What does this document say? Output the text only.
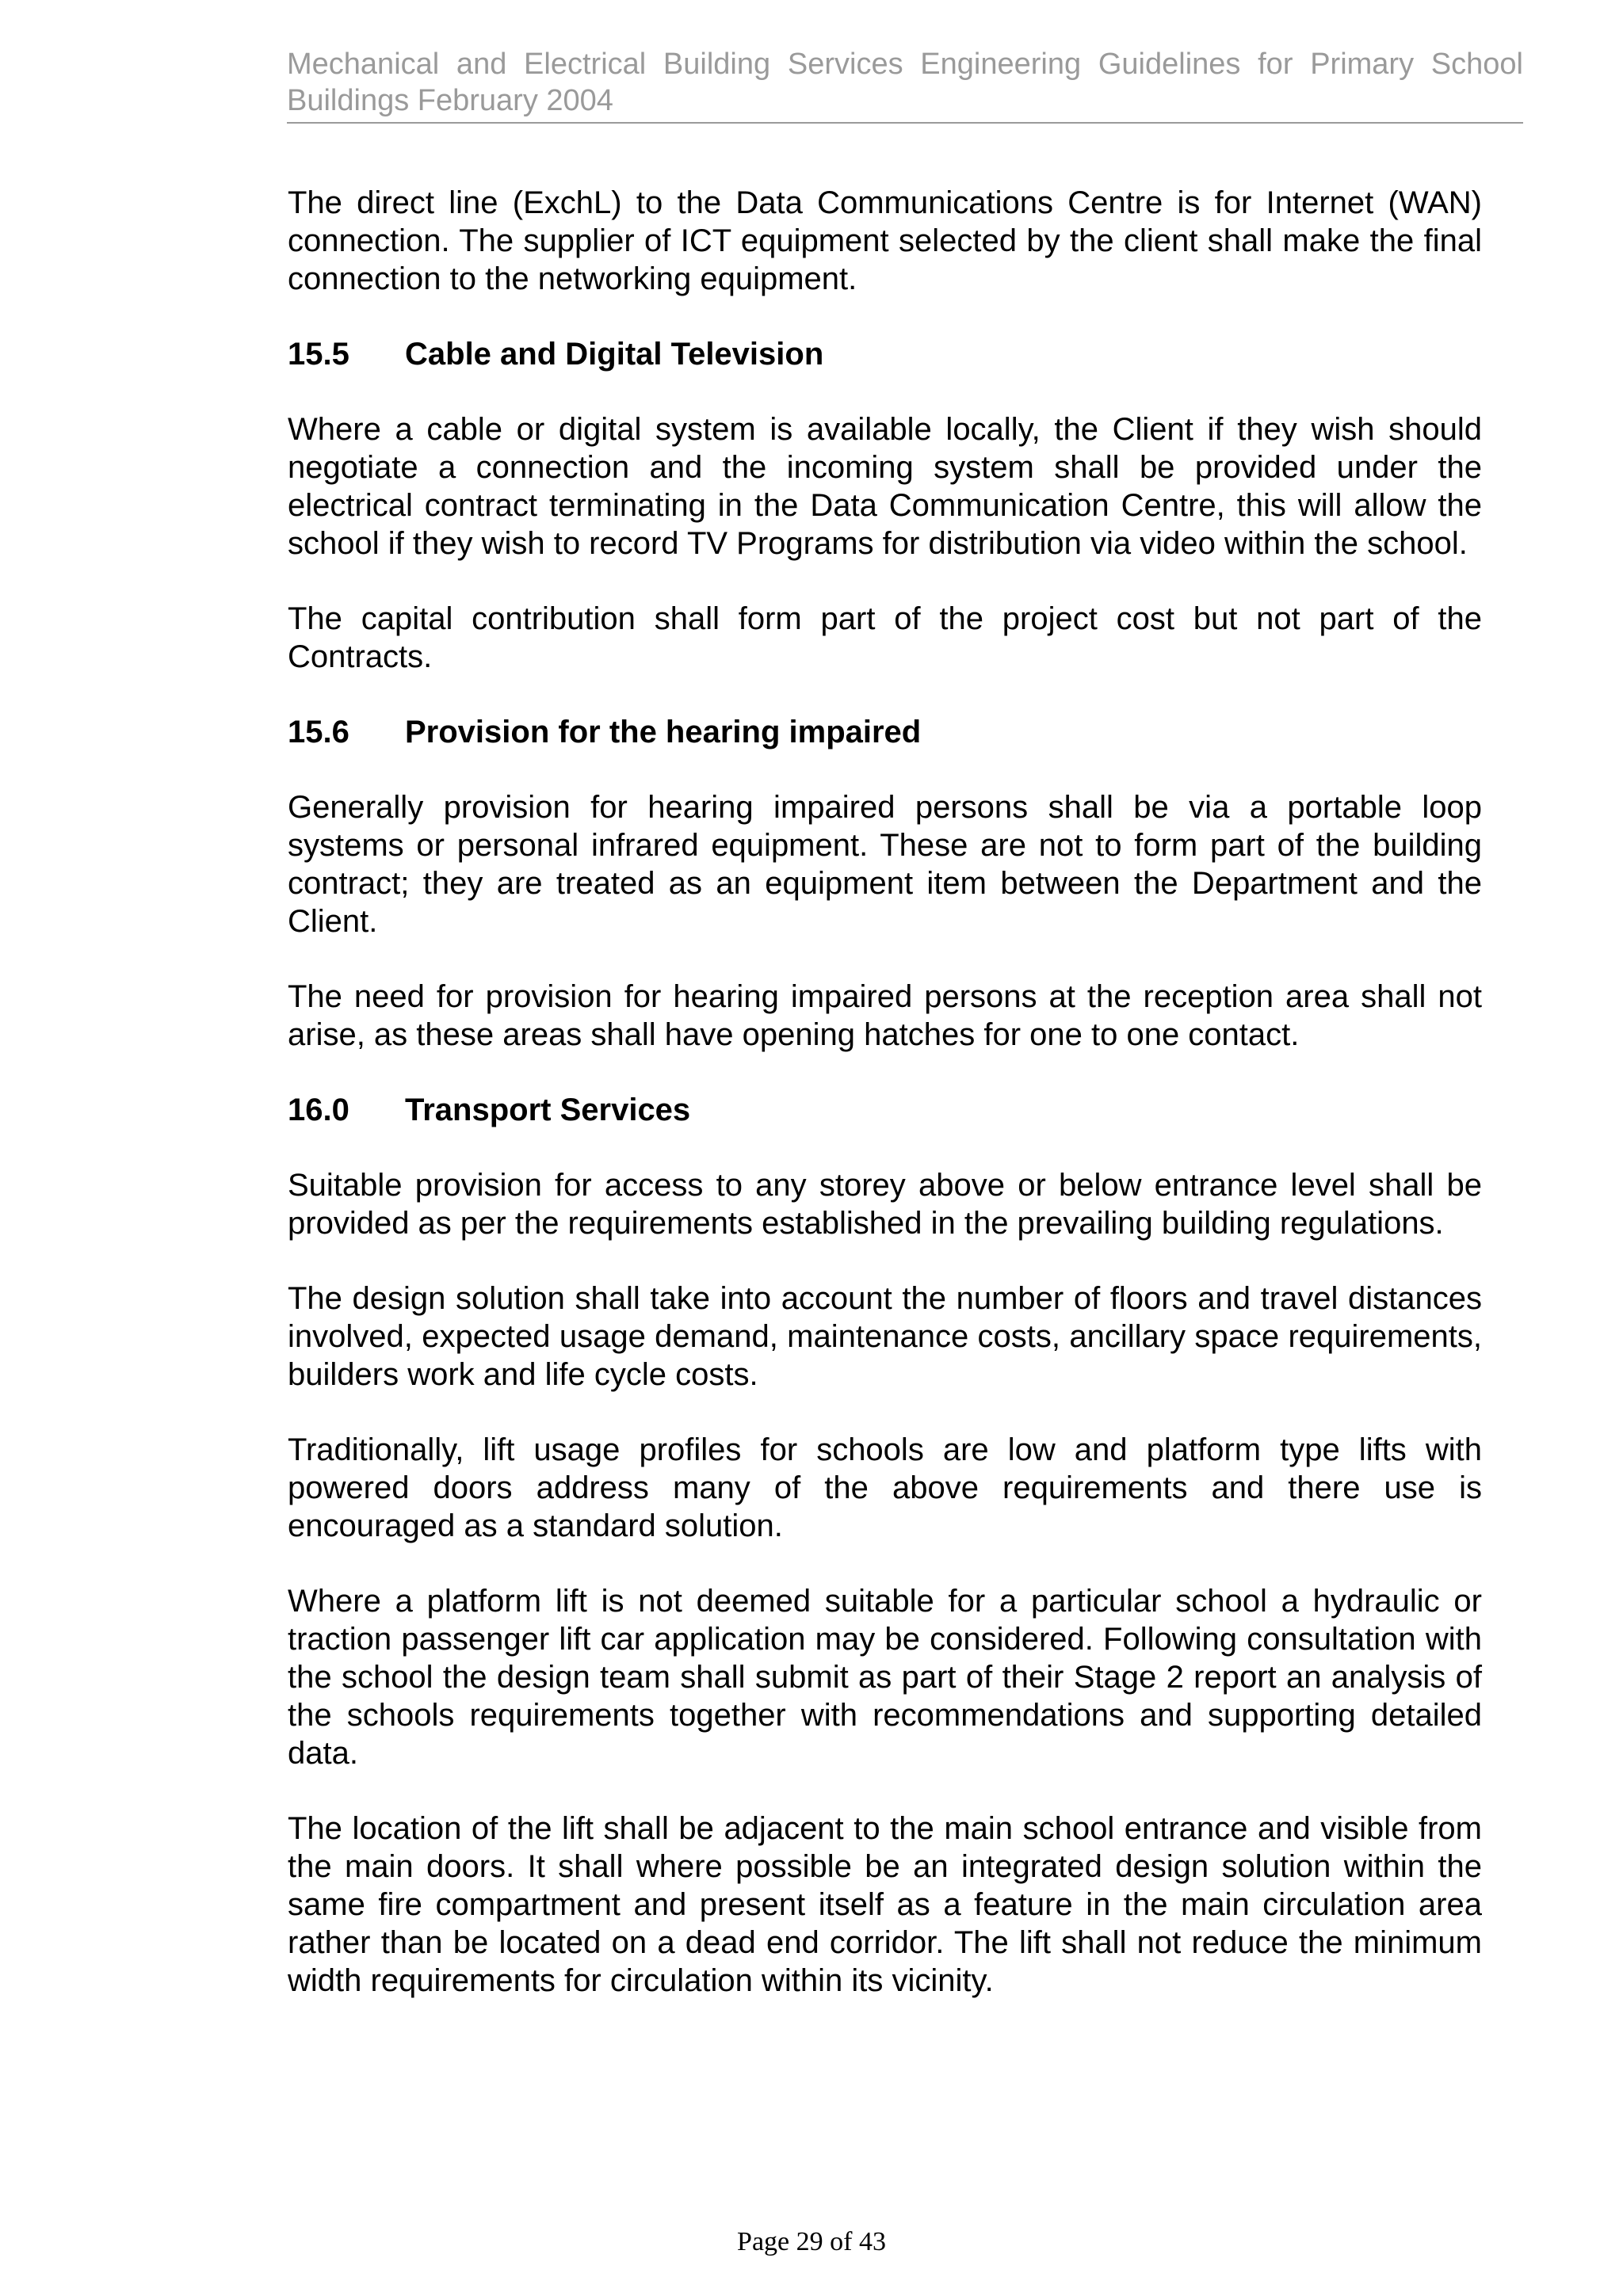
Mechanical and Electrical Building Services Engineering Guidelines for Primary School
Buildings February 2004

The direct line (ExchL) to the Data Communications Centre is for Internet (WAN) connection. The supplier of ICT equipment selected by the client shall make the final connection to the networking equipment.

15.5	Cable and Digital Television

Where a cable or digital system is available locally, the Client if they wish should negotiate a connection and the incoming system shall be provided under the electrical contract terminating in the Data Communication Centre, this will allow the school if they wish to record TV Programs for distribution via video within the school.

The capital contribution shall form part of the project cost but not part of the Contracts.

15.6	Provision for the hearing impaired

Generally provision for hearing impaired persons shall be via a portable loop systems or personal infrared equipment. These are not to form part of the building contract; they are treated as an equipment item between the Department and the Client.

The need for provision for hearing impaired persons at the reception area shall not arise, as these areas shall have opening hatches for one to one contact.

16.0	Transport Services

Suitable provision for access to any storey above or below entrance level shall be provided as per the requirements established in the prevailing building regulations.

The design solution shall take into account the number of floors and travel distances involved, expected usage demand, maintenance costs, ancillary space requirements, builders work and life cycle costs.

Traditionally, lift usage profiles for schools are low and platform type lifts with powered doors address many of the above requirements and there use is encouraged as a standard solution.

Where a platform lift is not deemed suitable for a particular school a hydraulic or traction passenger lift car application may be considered. Following consultation with the school the design team shall submit as part of their Stage 2 report an analysis of the schools requirements together with recommendations and supporting detailed data.

The location of the lift shall be adjacent to the main school entrance and visible from the main doors. It shall where possible be an integrated design solution within the same fire compartment and present itself as a feature in the main circulation area rather than be located on a dead end corridor. The lift shall not reduce the minimum width requirements for circulation within its vicinity.

Page 29 of 43
